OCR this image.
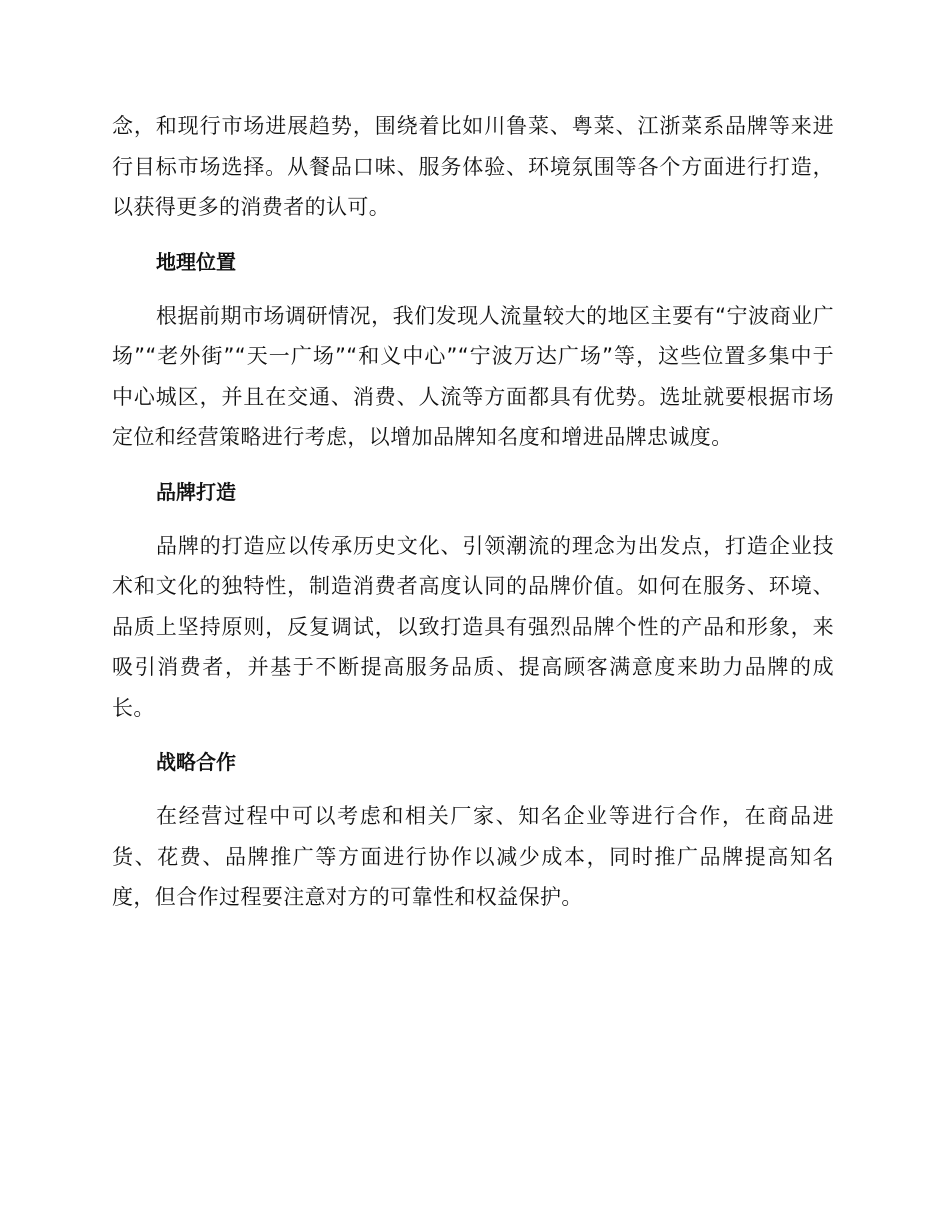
念，和现行市场进展趋势，围绕着比如川鲁菜、粤菜、江浙菜系品牌等来进行目标市场选择。从餐品口味、服务体验、环境氛围等各个方面进行打造，以获得更多的消费者的认可。

地理位置

根据前期市场调研情况，我们发现人流量较大的地区主要有“宁波商业广场”“老外街”“天一广场”“和义中心”“宁波万达广场”等，这些位置多集中于中心城区，并且在交通、消费、人流等方面都具有优势。选址就要根据市场定位和经营策略进行考虑，以增加品牌知名度和增进品牌忠诚度。

品牌打造

品牌的打造应以传承历史文化、引领潮流的理念为出发点，打造企业技术和文化的独特性，制造消费者高度认同的品牌价值。如何在服务、环境、品质上坚持原则，反复调试，以致打造具有强烈品牌个性的产品和形象，来吸引消费者，并基于不断提高服务品质、提高顾客满意度来助力品牌的成长。

战略合作

在经营过程中可以考虑和相关厂家、知名企业等进行合作，在商品进货、花费、品牌推广等方面进行协作以减少成本，同时推广品牌提高知名度，但合作过程要注意对方的可靠性和权益保护。
